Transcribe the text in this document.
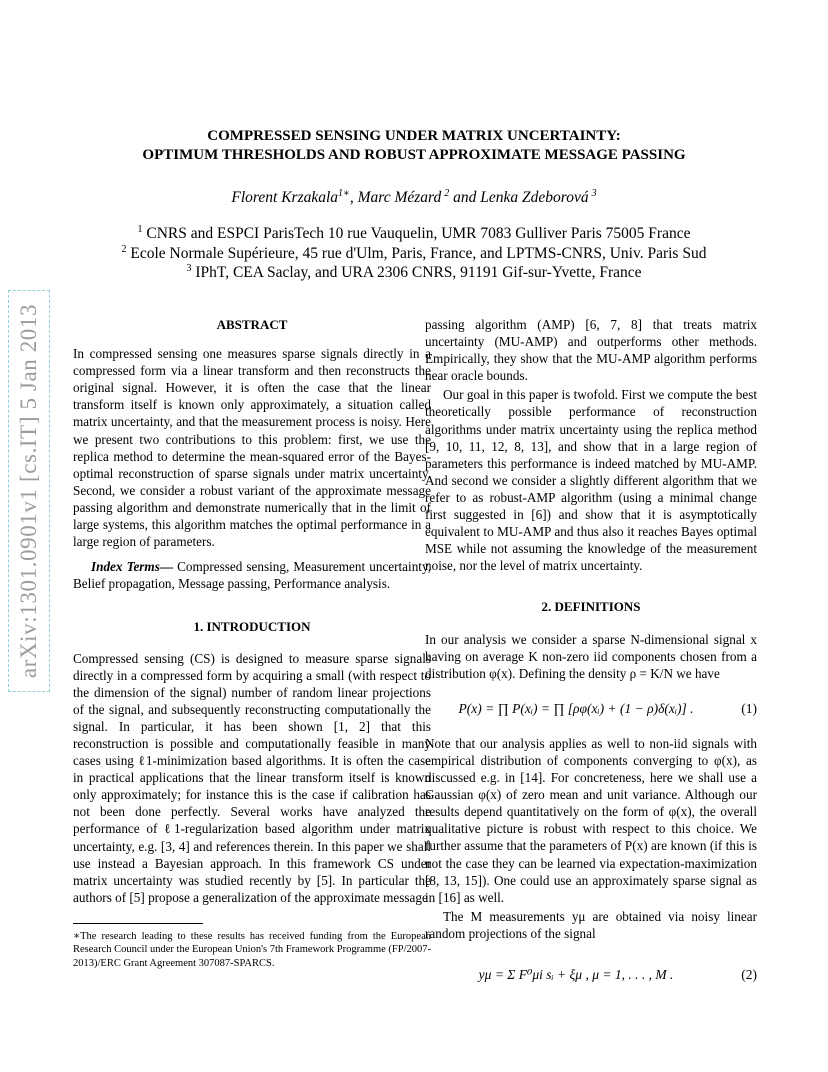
COMPRESSED SENSING UNDER MATRIX UNCERTAINTY:
OPTIMUM THRESHOLDS AND ROBUST APPROXIMATE MESSAGE PASSING
Florent Krzakala$^{1∗}$, Marc Mézard $^2$ and Lenka Zdeborová $^3$
$^1$ CNRS and ESPCI ParisTech 10 rue Vauquelin, UMR 7083 Gulliver Paris 75005 France
$^2$ Ecole Normale Supérieure, 45 rue d'Ulm, Paris, France, and LPTMS-CNRS, Univ. Paris Sud
$^3$ IPhT, CEA Saclay, and URA 2306 CNRS, 91191 Gif-sur-Yvette, France
arXiv:1301.0901v1 [cs.IT] 5 Jan 2013	ABSTRACT

In compressed sensing one measures sparse signals directly in a compressed form via a linear transform and then reconstructs the original signal. However, it is often the case that the linear transform itself is known only approximately, a situation called matrix uncertainty, and that the measurement process is noisy. Here we present two contributions to this problem: first, we use the replica method to determine the mean-squared error of the Bayes-optimal reconstruction of sparse signals under matrix uncertainty. Second, we consider a robust variant of the approximate message passing algorithm and demonstrate numerically that in the limit of large systems, this algorithm matches the optimal performance in a large region of parameters.

Index Terms— Compressed sensing, Measurement uncertainty, Belief propagation, Message passing, Performance analysis.

1. INTRODUCTION

Compressed sensing (CS) is designed to measure sparse signals directly in a compressed form by acquiring a small (with respect to the dimension of the signal) number of random linear projections of the signal, and subsequently reconstructing computationally the signal. In particular, it has been shown [1, 2] that this reconstruction is possible and computationally feasible in many cases using ℓ1-minimization based algorithms. It is often the case in practical applications that the linear transform itself is known only approximately; for instance this is the case if calibration has not been done perfectly. Several works have analyzed the performance of ℓ1-regularization based algorithm under matrix uncertainty, e.g. [3, 4] and references therein. In this paper we shall use instead a Bayesian approach. In this framework CS under matrix uncertainty was studied recently by [5]. In particular the authors of [5] propose a generalization of the approximate message

∗The research leading to these results has received funding from the European Research Council under the European Union's 7th Framework Programme (FP/2007-2013)/ERC Grant Agreement 307087-SPARCS.

passing algorithm (AMP) [6, 7, 8] that treats matrix uncertainty (MU-AMP) and outperforms other methods. Empirically, they show that the MU-AMP algorithm performs near oracle bounds.

Our goal in this paper is twofold. First we compute the best theoretically possible performance of reconstruction algorithms under matrix uncertainty using the replica method [9, 10, 11, 12, 8, 13], and show that in a large region of parameters this performance is indeed matched by MU-AMP. And second we consider a slightly different algorithm that we refer to as robust-AMP algorithm (using a minimal change first suggested in [6]) and show that it is asymptotically equivalent to MU-AMP and thus also it reaches Bayes optimal MSE while not assuming the knowledge of the measurement noise, nor the level of matrix uncertainty.

2. DEFINITIONS

In our analysis we consider a sparse N-dimensional signal x having on average K non-zero iid components chosen from a distribution φ(x). Defining the density ρ = K/N we have

P(x) = ∏ P(xᵢ) = ∏ [ρφ(xᵢ) + (1 − ρ)δ(xᵢ)] .	(1)

Note that our analysis applies as well to non-iid signals with empirical distribution of components converging to φ(x), as discussed e.g. in [14]. For concreteness, here we shall use a Gaussian φ(x) of zero mean and unit variance. Although our results depend quantitatively on the form of φ(x), the overall qualitative picture is robust with respect to this choice. We further assume that the parameters of P(x) are known (if this is not the case they can be learned via expectation-maximization [8, 13, 15]). One could use an approximately sparse signal as in [16] as well.

The M measurements yμ are obtained via noisy linear random projections of the signal

yμ = Σ F⁰μi sᵢ + ξμ , μ = 1, . . . , M .	(2)
